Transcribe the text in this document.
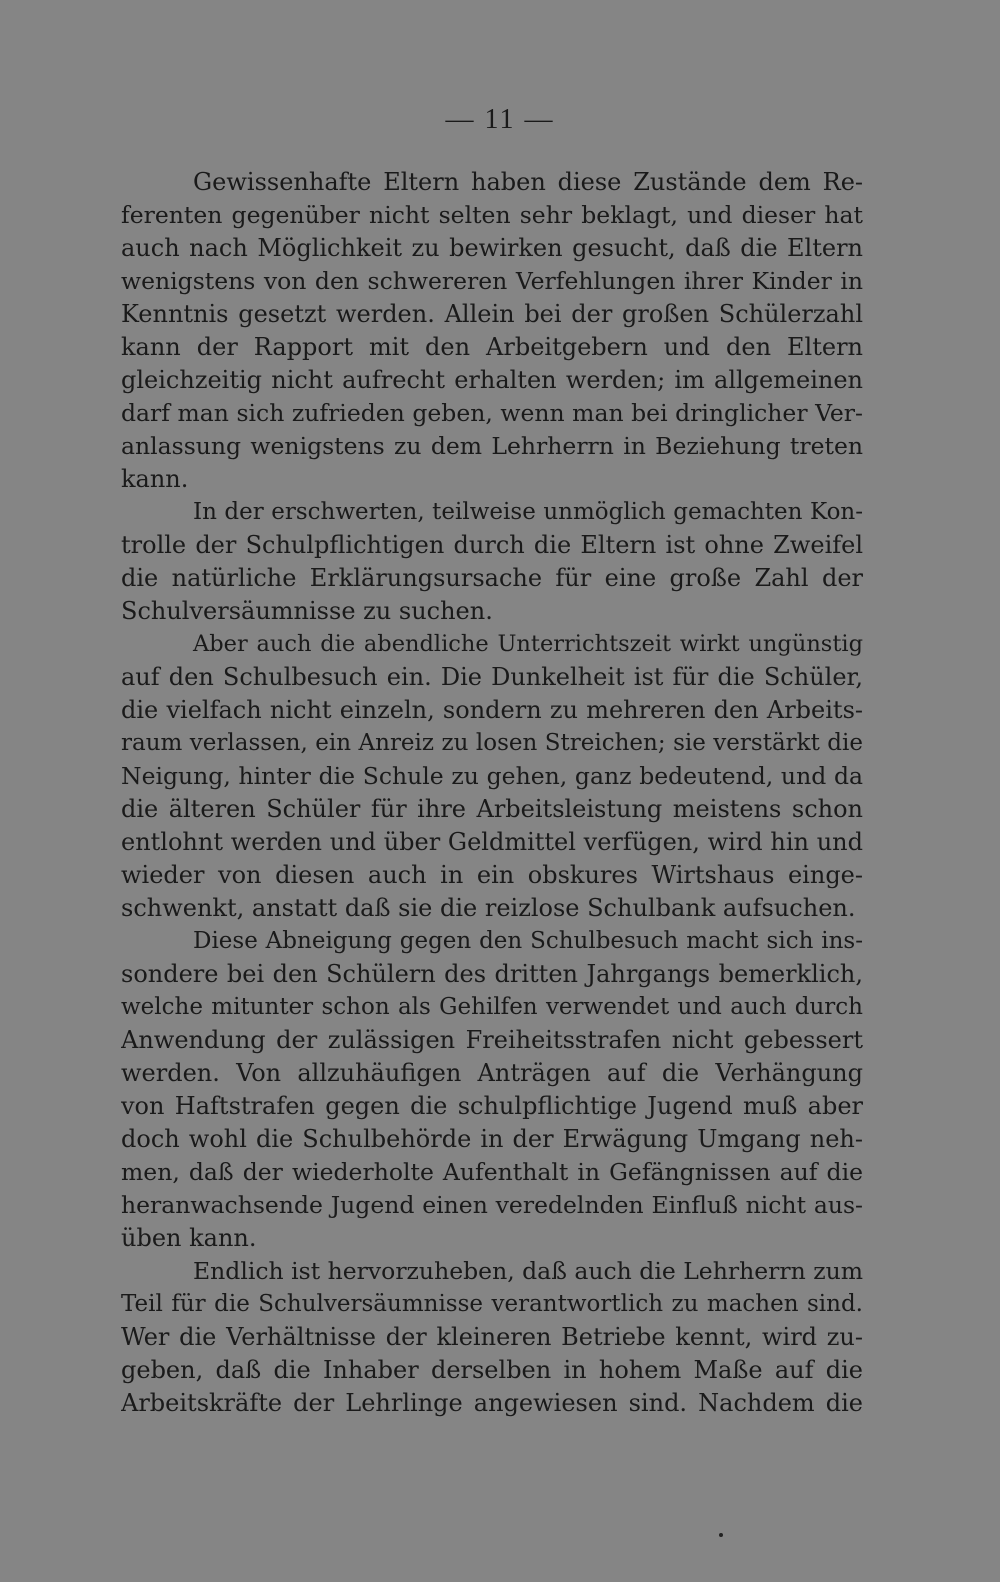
— 11 —
Gewissenhafte Eltern haben diese Zustände dem Re-
ferenten gegenüber nicht selten sehr beklagt, und dieser hat
auch nach Möglichkeit zu bewirken gesucht, daß die Eltern
wenigstens von den schwereren Verfehlungen ihrer Kinder in
Kenntnis gesetzt werden. Allein bei der großen Schülerzahl
kann der Rapport mit den Arbeitgebern und den Eltern
gleichzeitig nicht aufrecht erhalten werden; im allgemeinen
darf man sich zufrieden geben, wenn man bei dringlicher Ver-
anlassung wenigstens zu dem Lehrherrn in Beziehung treten
kann.
In der erschwerten, teilweise unmöglich gemachten Kon-
trolle der Schulpflichtigen durch die Eltern ist ohne Zweifel
die natürliche Erklärungsursache für eine große Zahl der
Schulversäumnisse zu suchen.
Aber auch die abendliche Unterrichtszeit wirkt ungünstig
auf den Schulbesuch ein. Die Dunkelheit ist für die Schüler,
die vielfach nicht einzeln, sondern zu mehreren den Arbeits-
raum verlassen, ein Anreiz zu losen Streichen; sie verstärkt die
Neigung, hinter die Schule zu gehen, ganz bedeutend, und da
die älteren Schüler für ihre Arbeitsleistung meistens schon
entlohnt werden und über Geldmittel verfügen, wird hin und
wieder von diesen auch in ein obskures Wirtshaus einge-
schwenkt, anstatt daß sie die reizlose Schulbank aufsuchen.
Diese Abneigung gegen den Schulbesuch macht sich ins-
sondere bei den Schülern des dritten Jahrgangs bemerklich,
welche mitunter schon als Gehilfen verwendet und auch durch
Anwendung der zulässigen Freiheitsstrafen nicht gebessert
werden. Von allzuhäufigen Anträgen auf die Verhängung
von Haftstrafen gegen die schulpflichtige Jugend muß aber
doch wohl die Schulbehörde in der Erwägung Umgang neh-
men, daß der wiederholte Aufenthalt in Gefängnissen auf die
heranwachsende Jugend einen veredelnden Einfluß nicht aus-
üben kann.
Endlich ist hervorzuheben, daß auch die Lehrherrn zum
Teil für die Schulversäumnisse verantwortlich zu machen sind.
Wer die Verhältnisse der kleineren Betriebe kennt, wird zu-
geben, daß die Inhaber derselben in hohem Maße auf die
Arbeitskräfte der Lehrlinge angewiesen sind. Nachdem die
